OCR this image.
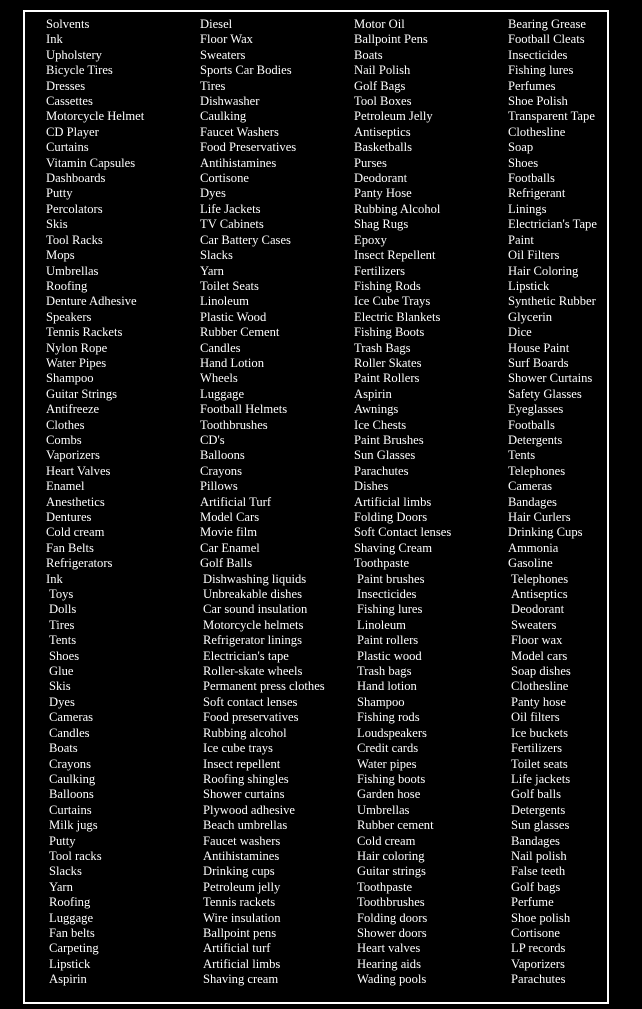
Solvents
Ink
Upholstery
Bicycle Tires
Dresses
Cassettes
Motorcycle Helmet
CD Player
Curtains
Vitamin Capsules
Dashboards
Putty
Percolators
Skis
Tool Racks
Mops
Umbrellas
Roofing
Denture Adhesive
Speakers
Tennis Rackets
Nylon Rope
Water Pipes
Shampoo
Guitar Strings
Antifreeze
Clothes
Combs
Vaporizers
Heart Valves
Enamel
Anesthetics
Dentures
Cold cream
Fan Belts
Refrigerators
Ink
Toys
Dolls
Tires
Tents
Shoes
Glue
Skis
Dyes
Cameras
Candles
Boats
Crayons
Caulking
Balloons
Curtains
Milk jugs
Putty
Tool racks
Slacks
Yarn
Roofing
Luggage
Fan belts
Carpeting
Lipstick
Aspirin
Diesel
Floor Wax
Sweaters
Sports Car Bodies
Tires
Dishwasher
Caulking
Faucet Washers
Food Preservatives
Antihistamines
Cortisone
Dyes
Life Jackets
TV Cabinets
Car Battery Cases
Slacks
Yarn
Toilet Seats
Linoleum
Plastic Wood
Rubber Cement
Candles
Hand Lotion
Wheels
Luggage
Football Helmets
Toothbrushes
CD's
Balloons
Crayons
Pillows
Artificial Turf
Model Cars
Movie film
Car Enamel
Golf Balls
Dishwashing liquids
Unbreakable dishes
Car sound insulation
Motorcycle helmets
Refrigerator linings
Electrician's tape
Roller-skate wheels
Permanent press clothes
Soft contact lenses
Food preservatives
Rubbing alcohol
Ice cube trays
Insect repellent
Roofing shingles
Shower curtains
Plywood adhesive
Beach umbrellas
Faucet washers
Antihistamines
Drinking cups
Petroleum jelly
Tennis rackets
Wire insulation
Ballpoint pens
Artificial turf
Artificial limbs
Shaving cream
Motor Oil
Ballpoint Pens
Boats
Nail Polish
Golf Bags
Tool Boxes
Petroleum Jelly
Antiseptics
Basketballs
Purses
Deodorant
Panty Hose
Rubbing Alcohol
Shag Rugs
Epoxy
Insect Repellent
Fertilizers
Fishing Rods
Ice Cube Trays
Electric Blankets
Fishing Boots
Trash Bags
Roller Skates
Paint Rollers
Aspirin
Awnings
Ice Chests
Paint Brushes
Sun Glasses
Parachutes
Dishes
Artificial limbs
Folding Doors
Soft Contact lenses
Shaving Cream
Toothpaste
Paint brushes
Insecticides
Fishing lures
Linoleum
Paint rollers
Plastic wood
Trash bags
Hand lotion
Shampoo
Fishing rods
Loudspeakers
Credit cards
Water pipes
Fishing boots
Garden hose
Umbrellas
Rubber cement
Cold cream
Hair coloring
Guitar strings
Toothpaste
Toothbrushes
Folding doors
Shower doors
Heart valves
Hearing aids
Wading pools
Bearing Grease
Football Cleats
Insecticides
Fishing lures
Perfumes
Shoe Polish
Transparent Tape
Clothesline
Soap
Shoes
Footballs
Refrigerant
Linings
Electrician's Tape
Paint
Oil Filters
Hair Coloring
Lipstick
Synthetic Rubber
Glycerin
Dice
House Paint
Surf Boards
Shower Curtains
Safety Glasses
Eyeglasses
Footballs
Detergents
Tents
Telephones
Cameras
Bandages
Hair Curlers
Drinking Cups
Ammonia
Gasoline
Telephones
Antiseptics
Deodorant
Sweaters
Floor wax
Model cars
Soap dishes
Clothesline
Panty hose
Oil filters
Ice buckets
Fertilizers
Toilet seats
Life jackets
Golf balls
Detergents
Sun glasses
Bandages
Nail polish
False teeth
Golf bags
Perfume
Shoe polish
Cortisone
LP records
Vaporizers
Parachutes
